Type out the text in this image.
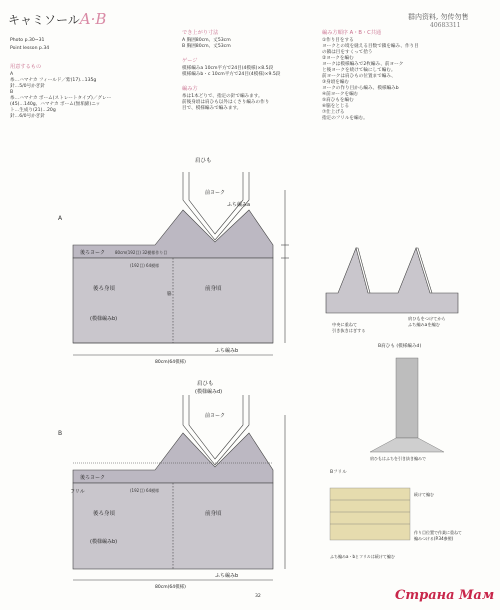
キャミソールA·B
Photo p.30~31
Point lesson p.34
用意するもの
A
糸…ハマナカ フィールド／紫(17)…135g
針…5/0号かぎ針
B
糸…ハマナカ ボーム(ストレートタイプ)／グレー
(45)…140g、ハマナカ ボーム(無垢綿)ニッ
ト…生成り(21)…20g
針…6/0号かぎ針
でき上がり寸法
A 胸囲80cm、丈53cm
B 胸囲80cm、丈53cm
ゲージ
模様編みa 10cm平方で24目(4模様)×8.5段
模様編みb・c 10cm平方で24目(4模様)×9.5段
編み方
糸は1本どりで、指定の針で編みます。
前後身頃は肩ひも以外はくさり編みの作り
目で、模様編みで編みます。
編み方順序 A・B・C共通
①作り目をする
ヨークとの境を縫える目数で鎖を編み、作り目
の鎖は目をすくって拾う
②ヨークを編む
ヨークは模様編みで2枚編み、前ヨーク
と後ヨークを続けて輪にして編む。
前ヨークは肩ひもの位置まで編み、
③身頃を編む
ヨークの作り目から編み、模様編みb
④前ヨークを編む
⑤肩ひもを編む
⑥脇をとじる
⑦仕上げる
指定のフリルを編む。
群内资料, 勿传勿售
40683311
Страна Мам
A
肩ひも
前ヨーク
ふち編みa
後ろヨーク 80cm(192目) 32模様作り目
(192目) 64模様
後ろ身頃	前身頃
(模様編みb)
脇
ふち編みb
80cm(64模様)
B
肩ひも
(模様編みd)
前ヨーク
後ろヨーク
フリル	(192目) 64模様
後ろ身頃	前身頃
(模様編みb)
ふち編みb
80cm(64模様)
肩ひもをつけてから
ふち編みaを編む
中央に重ねて
引き抜きはぎする
B肩ひも (模様編みd)
肩ひもはふちを引き抜き編みで
Bフリル
続けて編む
作り目位置で作業に重ねて
編みつける(P.34参照)
ふち編みa・bとフリルは続けて編む
32
